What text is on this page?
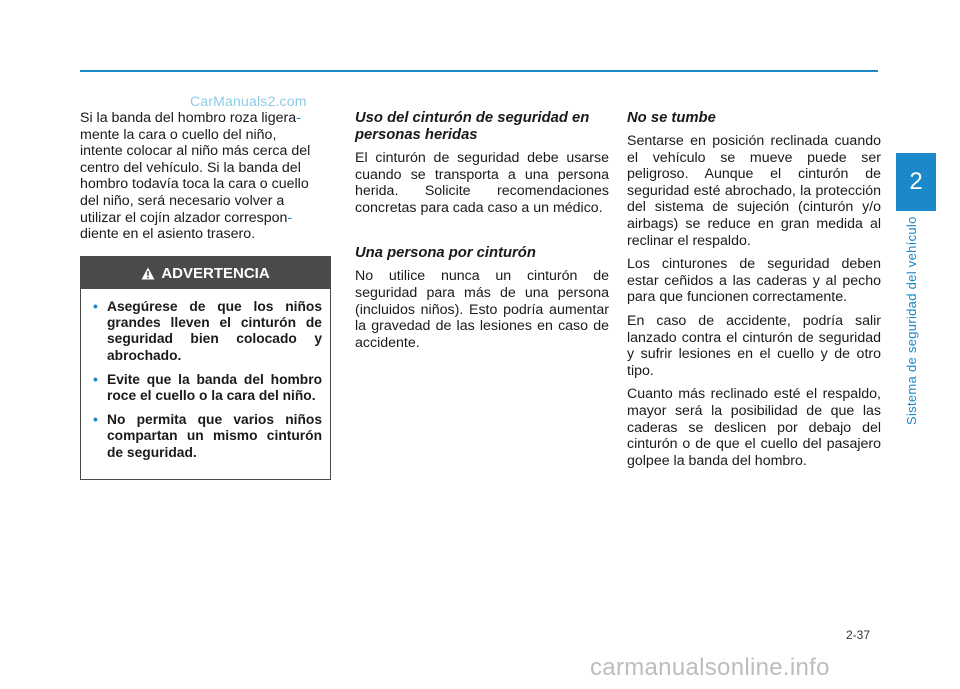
CarManuals2.com

Si la banda del hombro roza ligera-
mente la cara o cuello del niño,
intente colocar al niño más cerca del
centro del vehículo. Si la banda del
hombro todavía toca la cara o cuello
del niño, será necesario volver a
utilizar el cojín alzador correspon-
diente en el asiento trasero.

ADVERTENCIA
• Asegúrese de que los niños grandes lleven el cinturón de seguridad bien colocado y abrochado.
• Evite que la banda del hombro roce el cuello o la cara del niño.
• No permita que varios niños compartan un mismo cinturón de seguridad.

Uso del cinturón de seguridad en personas heridas

El cinturón de seguridad debe usarse cuando se transporta a una persona herida. Solicite recomendaciones concretas para cada caso a un médico.

Una persona por cinturón

No utilice nunca un cinturón de seguridad para más de una persona (incluidos niños). Esto podría aumentar la gravedad de las lesiones en caso de accidente.

No se tumbe

Sentarse en posición reclinada cuando el vehículo se mueve puede ser peligroso. Aunque el cinturón de seguridad esté abrochado, la protección del sistema de sujeción (cinturón y/o airbags) se reduce en gran medida al reclinar el respaldo.

Los cinturones de seguridad deben estar ceñidos a las caderas y al pecho para que funcionen correctamente.

En caso de accidente, podría salir lanzado contra el cinturón de seguridad y sufrir lesiones en el cuello y de otro tipo.

Cuanto más reclinado esté el respaldo, mayor será la posibilidad de que las caderas se deslicen por debajo del cinturón o de que el cuello del pasajero golpee la banda del hombro.

2
Sistema de seguridad del vehículo
2-37
carmanualsonline.info
